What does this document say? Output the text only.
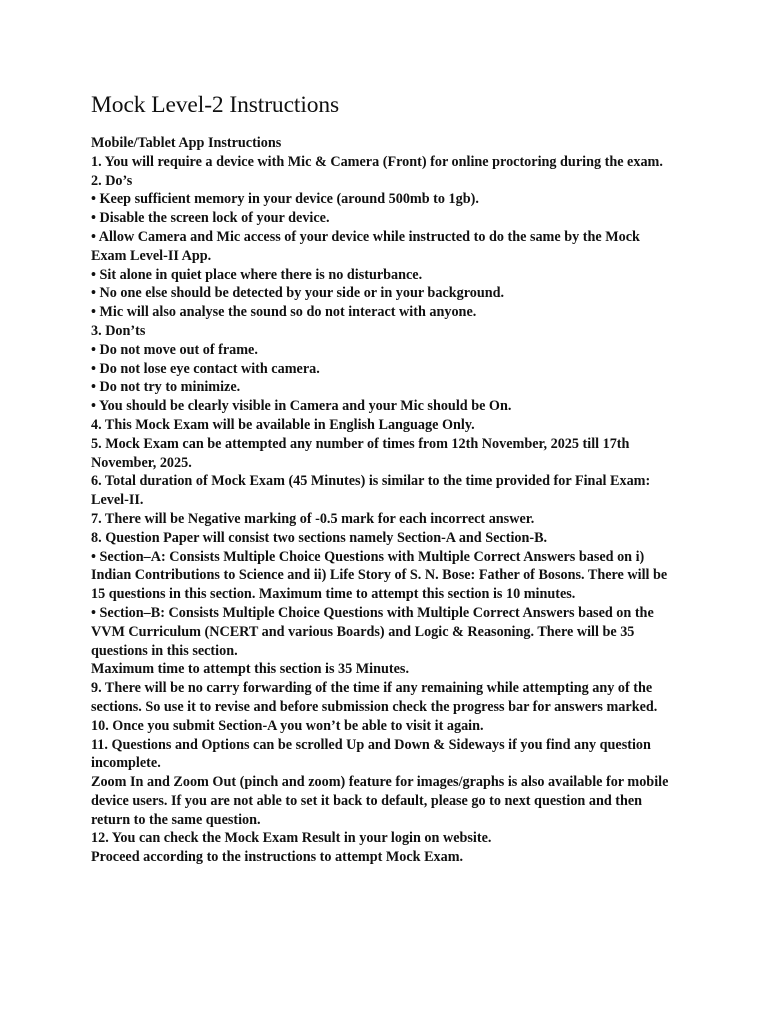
Mock Level-2 Instructions

Mobile/Tablet App Instructions

1. You will require a device with Mic & Camera (Front) for online proctoring during the exam.

2. Do’s

• Keep sufficient memory in your device (around 500mb to 1gb).

• Disable the screen lock of your device.

• Allow Camera and Mic access of your device while instructed to do the same by the Mock

Exam Level-II App.

• Sit alone in quiet place where there is no disturbance.

• No one else should be detected by your side or in your background.

• Mic will also analyse the sound so do not interact with anyone.

3. Don’ts

• Do not move out of frame.

• Do not lose eye contact with camera.

• Do not try to minimize.

• You should be clearly visible in Camera and your Mic should be On.

4. This Mock Exam will be available in English Language Only.

5. Mock Exam can be attempted any number of times from 12th November, 2025 till 17th

November, 2025.

6. Total duration of Mock Exam (45 Minutes) is similar to the time provided for Final Exam:

Level-II.

7. There will be Negative marking of -0.5 mark for each incorrect answer.

8. Question Paper will consist two sections namely Section-A and Section-B.

• Section–A: Consists Multiple Choice Questions with Multiple Correct Answers based on i)

Indian Contributions to Science and ii) Life Story of S. N. Bose: Father of Bosons. There will be

15 questions in this section. Maximum time to attempt this section is 10 minutes.

• Section–B: Consists Multiple Choice Questions with Multiple Correct Answers based on the

VVM Curriculum (NCERT and various Boards) and Logic & Reasoning. There will be 35

questions in this section.

Maximum time to attempt this section is 35 Minutes.

9. There will be no carry forwarding of the time if any remaining while attempting any of the

sections. So use it to revise and before submission check the progress bar for answers marked.

10. Once you submit Section-A you won’t be able to visit it again.

11. Questions and Options can be scrolled Up and Down & Sideways if you find any question

incomplete.

Zoom In and Zoom Out (pinch and zoom) feature for images/graphs is also available for mobile

device users. If you are not able to set it back to default, please go to next question and then

return to the same question.

12. You can check the Mock Exam Result in your login on website.

Proceed according to the instructions to attempt Mock Exam.
